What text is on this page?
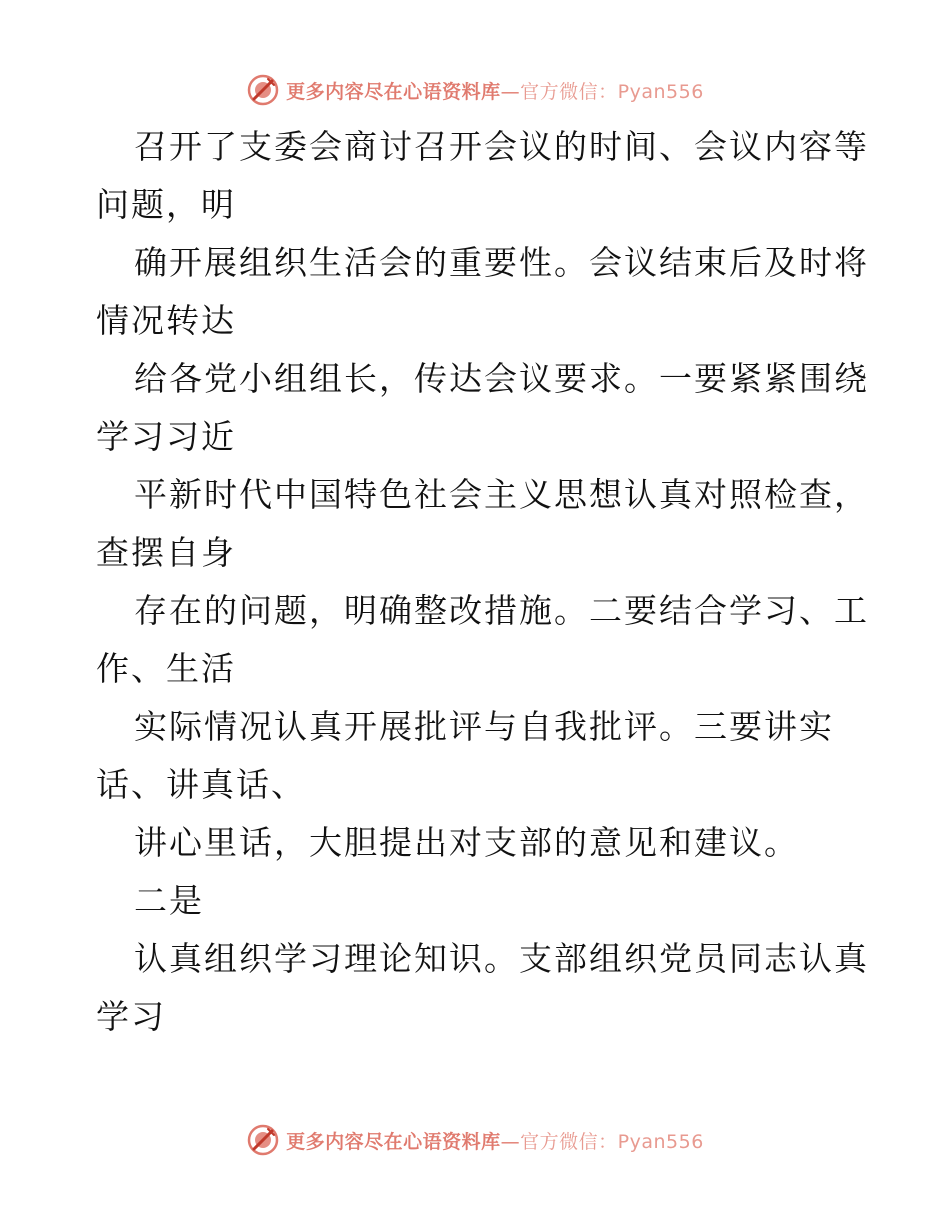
更多内容尽在心语资料库—官方微信：Pyan556
召开了支委会商讨召开会议的时间、会议内容等
问题，明
确开展组织生活会的重要性。会议结束后及时将
情况转达
给各党小组组长，传达会议要求。一要紧紧围绕
学习习近
平新时代中国特色社会主义思想认真对照检查，
查摆自身
存在的问题，明确整改措施。二要结合学习、工
作、生活
实际情况认真开展批评与自我批评。三要讲实
话、讲真话、
讲心里话，大胆提出对支部的意见和建议。
二是
认真组织学习理论知识。支部组织党员同志认真
学习
更多内容尽在心语资料库—官方微信：Pyan556
